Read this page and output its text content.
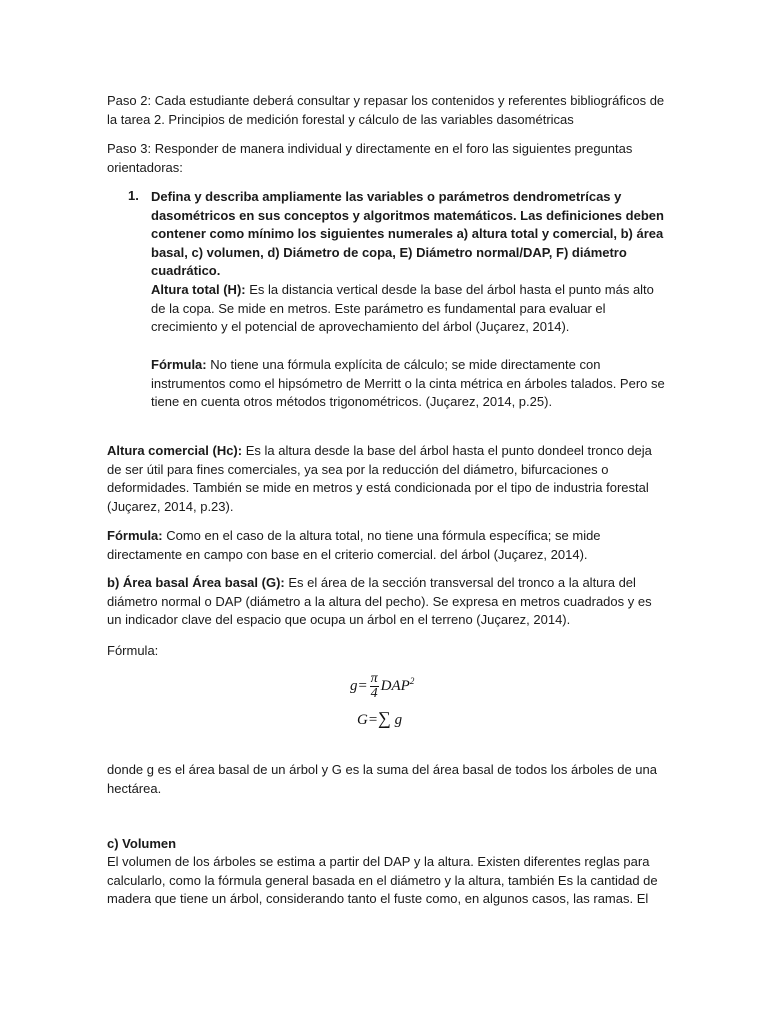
Paso 2: Cada estudiante deberá consultar y repasar los contenidos y referentes bibliográficos de la tarea 2. Principios de medición forestal y cálculo de las variables dasométricas

Paso 3: Responder de manera individual y directamente en el foro las siguientes preguntas orientadoras:

1. Defina y describa ampliamente las variables o parámetros dendrometrícas y dasométricos en sus conceptos y algoritmos matemáticos. Las definiciones deben contener como mínimo los siguientes numerales a) altura total y comercial, b) área basal, c) volumen, d) Diámetro de copa, E) Diámetro normal/DAP, F) diámetro cuadrático.

Altura total (H): Es la distancia vertical desde la base del árbol hasta el punto más alto de la copa. Se mide en metros. Este parámetro es fundamental para evaluar el crecimiento y el potencial de aprovechamiento del árbol (Juçarez, 2014).

Fórmula: No tiene una fórmula explícita de cálculo; se mide directamente con instrumentos como el hipsómetro de Merritt o la cinta métrica en árboles talados. Pero se tiene en cuenta otros métodos trigonométricos. (Juçarez, 2014, p.25).

Altura comercial (Hc): Es la altura desde la base del árbol hasta el punto dondeel tronco deja de ser útil para fines comerciales, ya sea por la reducción del diámetro, bifurcaciones o deformidades. También se mide en metros y está condicionada por el tipo de industria forestal (Juçarez, 2014, p.23).

Fórmula: Como en el caso de la altura total, no tiene una fórmula específica; se mide directamente en campo con base en el criterio comercial. del árbol (Juçarez, 2014).

b) Área basal Área basal (G): Es el área de la sección transversal del tronco a la altura del diámetro normal o DAP (diámetro a la altura del pecho). Se expresa en metros cuadrados y es un indicador clave del espacio que ocupa un árbol en el terreno (Juçarez, 2014).

Fórmula:

$g= \frac{\pi}{4} DAP^2$
G=∑ g

donde g es el área basal de un árbol y G es la suma del área basal de todos los árboles de una hectárea.

c) Volumen

El volumen de los árboles se estima a partir del DAP y la altura. Existen diferentes reglas para calcularlo, como la fórmula general basada en el diámetro y la altura, también Es la cantidad de madera que tiene un árbol, considerando tanto el fuste como, en algunos casos, las ramas. El
